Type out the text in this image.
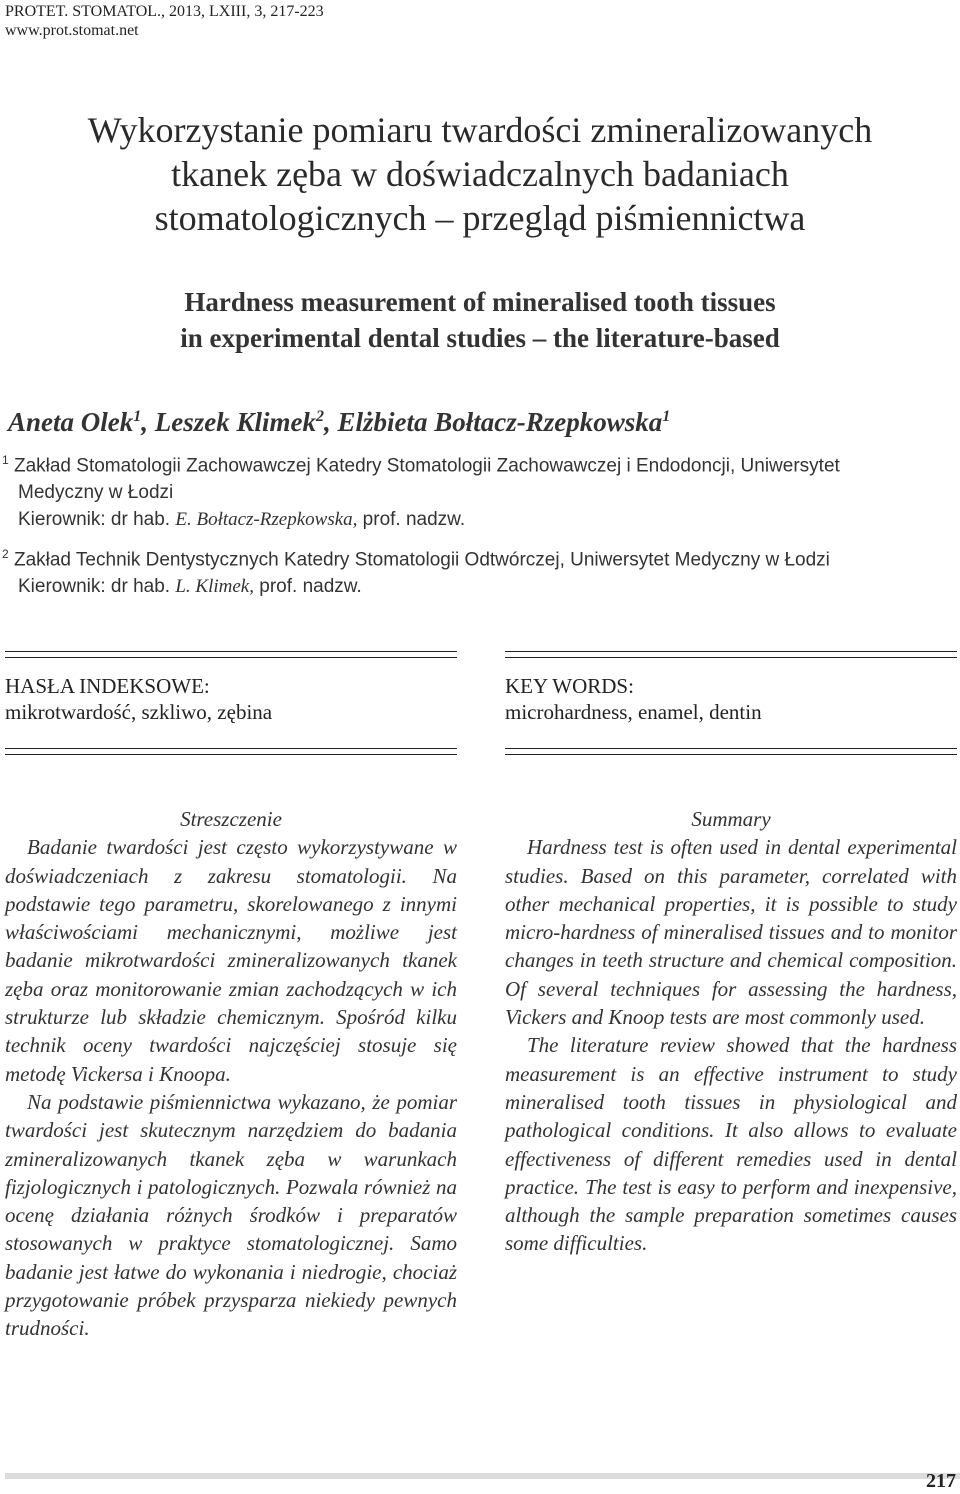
PROTET. STOMATOL., 2013, LXIII, 3, 217-223
www.prot.stomat.net
Wykorzystanie pomiaru twardości zmineralizowanych
tkanek zęba w doświadczalnych badaniach
stomatologicznych – przegląd piśmiennictwa
Hardness measurement of mineralised tooth tissues
in experimental dental studies – the literature-based
Aneta Olek$^1$, Leszek Klimek$^2$, Elżbieta Bołtacz-Rzepkowska$^1$
$^1$ Zakład Stomatologii Zachowawczej Katedry Stomatologii Zachowawczej i Endodoncji, Uniwersytet
Medyczny w Łodzi
Kierownik: dr hab. E. Bołtacz-Rzepkowska, prof. nadzw.
$^2$ Zakład Technik Dentystycznych Katedry Stomatologii Odtwórczej, Uniwersytet Medyczny w Łodzi
Kierownik: dr hab. L. Klimek, prof. nadzw.
HASŁA INDEKSOWE:
mikrotwardość, szkliwo, zębina
KEY WORDS:
microhardness, enamel, dentin
Streszczenie

Badanie twardości jest często wykorzystywane w doświadczeniach z zakresu stomatologii. Na podstawie tego parametru, skorelowanego z innymi właściwościami mechanicznymi, możliwe jest badanie mikrotwardości zmineralizowanych tkanek zęba oraz monitorowanie zmian zachodzących w ich strukturze lub składzie chemicznym. Spośród kilku technik oceny twardości najczęściej stosuje się metodę Vickersa i Knoopa.

Na podstawie piśmiennictwa wykazano, że pomiar twardości jest skutecznym narzędziem do badania zmineralizowanych tkanek zęba w warunkach fizjologicznych i patologicznych. Pozwala również na ocenę działania różnych środków i preparatów stosowanych w praktyce stomatologicznej. Samo badanie jest łatwe do wykonania i niedrogie, chociaż przygotowanie próbek przysparza niekiedy pewnych trudności.

Summary

Hardness test is often used in dental experimental studies. Based on this parameter, correlated with other mechanical properties, it is possible to study micro-hardness of mineralised tissues and to monitor changes in teeth structure and chemical composition. Of several techniques for assessing the hardness, Vickers and Knoop tests are most commonly used.

The literature review showed that the hardness measurement is an effective instrument to study mineralised tooth tissues in physiological and pathological conditions. It also allows to evaluate effectiveness of different remedies used in dental practice. The test is easy to perform and inexpensive, although the sample preparation sometimes causes some difficulties.

217
